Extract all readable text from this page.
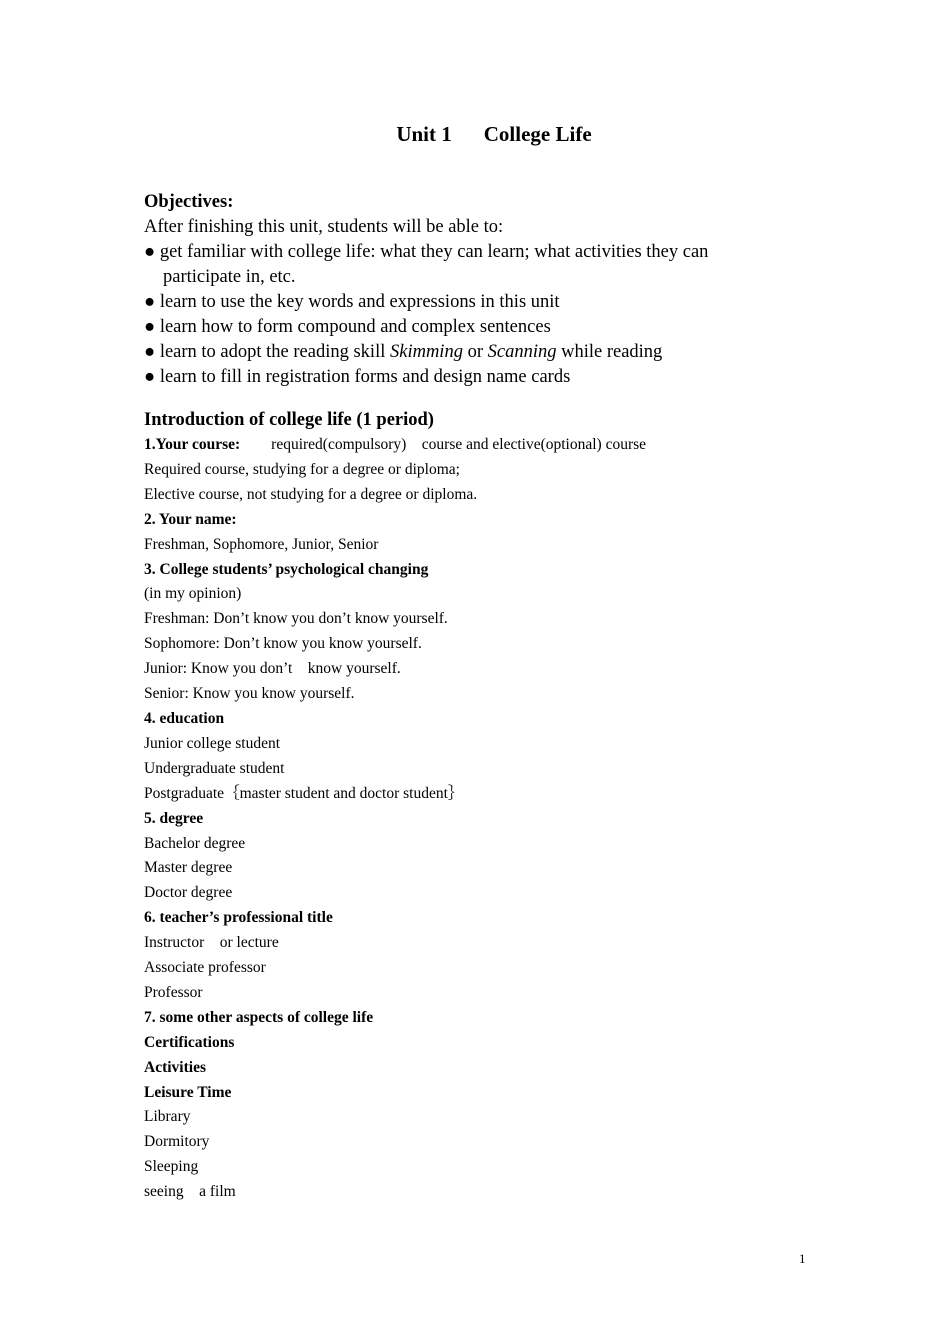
Unit 1 College Life
Objectives:
After finishing this unit, students will be able to:
● get familiar with college life: what they can learn; what activities they can
participate in, etc.
● learn to use the key words and expressions in this unit
● learn how to form compound and complex sentences
● learn to adopt the reading skill Skimming or Scanning while reading
● learn to fill in registration forms and design name cards
Introduction of college life (1 period)
1.Your course: required(compulsory)    course and elective(optional) course
Required course, studying for a degree or diploma;
Elective course, not studying for a degree or diploma.
2. Your name:
Freshman, Sophomore, Junior, Senior
3. College students’ psychological changing
(in my opinion)
Freshman: Don’t know you don’t know yourself.
Sophomore: Don’t know you know yourself.
Junior: Know you don’t    know yourself.
Senior: Know you know yourself.
4. education
Junior college student
Undergraduate student
Postgraduate｛master student and doctor student｝
5. degree
Bachelor degree
Master degree
Doctor degree
6. teacher’s professional title
Instructor    or lecture
Associate professor
Professor
7. some other aspects of college life
Certifications
Activities
Leisure Time
Library
Dormitory
Sleeping
seeing    a film
1
